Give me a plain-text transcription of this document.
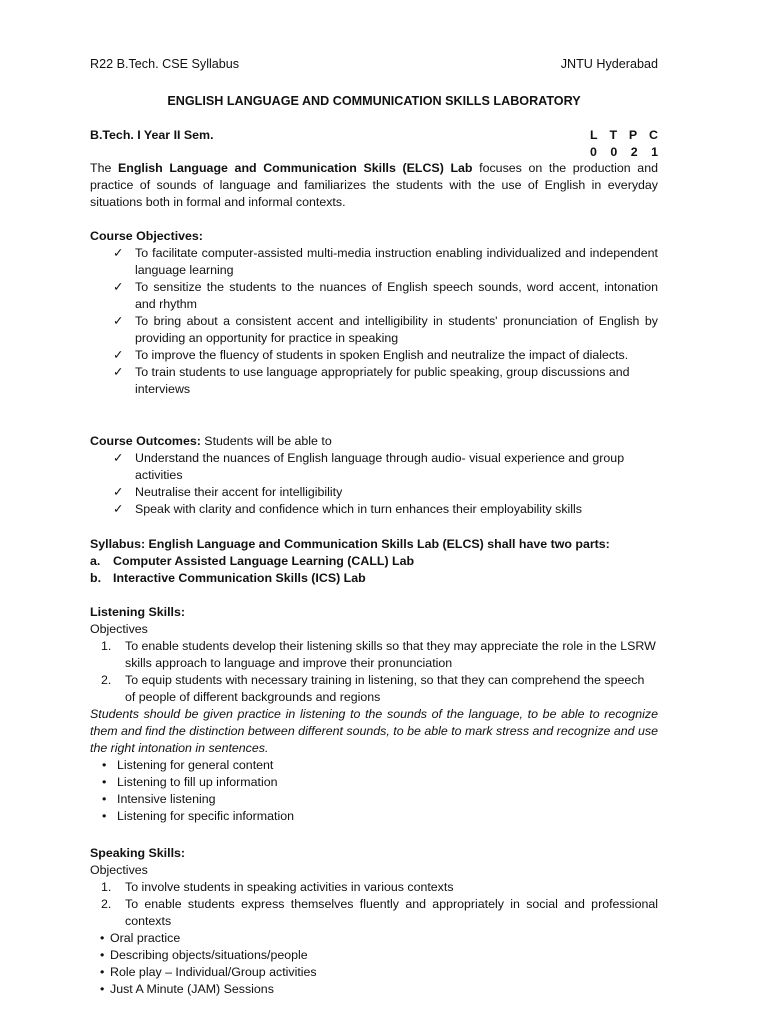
R22 B.Tech. CSE Syllabus	JNTU Hyderabad
ENGLISH LANGUAGE AND COMMUNICATION SKILLS LABORATORY
B.Tech. I Year II Sem.	L T P C
0 0 2 1
The English Language and Communication Skills (ELCS) Lab focuses on the production and practice of sounds of language and familiarizes the students with the use of English in everyday situations both in formal and informal contexts.
Course Objectives:
✓ To facilitate computer-assisted multi-media instruction enabling individualized and independent language learning
✓ To sensitize the students to the nuances of English speech sounds, word accent, intonation and rhythm
✓ To bring about a consistent accent and intelligibility in students' pronunciation of English by providing an opportunity for practice in speaking
✓ To improve the fluency of students in spoken English and neutralize the impact of dialects.
✓ To train students to use language appropriately for public speaking, group discussions and interviews
Course Outcomes: Students will be able to
✓ Understand the nuances of English language through audio- visual experience and group activities
✓ Neutralise their accent for intelligibility
✓ Speak with clarity and confidence which in turn enhances their employability skills
Syllabus: English Language and Communication Skills Lab (ELCS) shall have two parts:
a. Computer Assisted Language Learning (CALL) Lab
b. Interactive Communication Skills (ICS) Lab
Listening Skills:
Objectives
1. To enable students develop their listening skills so that they may appreciate the role in the LSRW skills approach to language and improve their pronunciation
2. To equip students with necessary training in listening, so that they can comprehend the speech of people of different backgrounds and regions
Students should be given practice in listening to the sounds of the language, to be able to recognize them and find the distinction between different sounds, to be able to mark stress and recognize and use the right intonation in sentences.
• Listening for general content
• Listening to fill up information
• Intensive listening
• Listening for specific information
Speaking Skills:
Objectives
1. To involve students in speaking activities in various contexts
2. To enable students express themselves fluently and appropriately in social and professional contexts
• Oral practice
• Describing objects/situations/people
• Role play – Individual/Group activities
• Just A Minute (JAM) Sessions
